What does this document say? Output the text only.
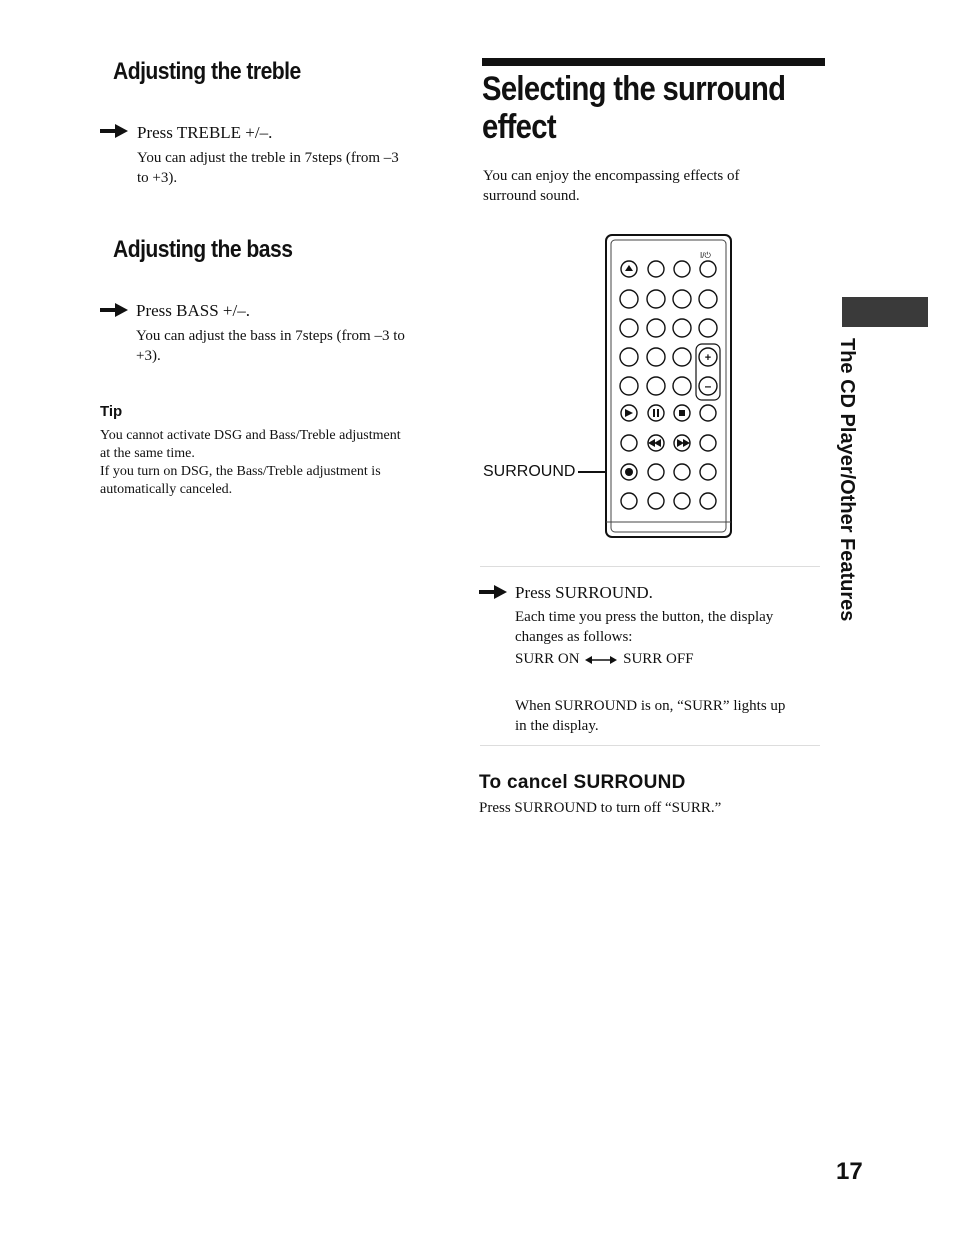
Adjusting the treble
Press TREBLE +/–.
You can adjust the treble in 7steps (from –3
to +3).
Adjusting the bass
Press BASS +/–.
You can adjust the bass in 7steps (from –3 to
+3).
Tip
You cannot activate DSG and Bass/Treble adjustment
at the same time.
If you turn on DSG, the Bass/Treble adjustment is
automatically canceled.
Selecting the surround
effect
You can enjoy the encompassing effects of
surround sound.
SURROUND
I/⏻
+
–
Press SURROUND.
Each time you press the button, the display
changes as follows:
SURR ON	SURR OFF
When SURROUND is on, “SURR” lights up
in the display.
To cancel SURROUND
Press SURROUND to turn off “SURR.”
The CD Player/Other Features
17
